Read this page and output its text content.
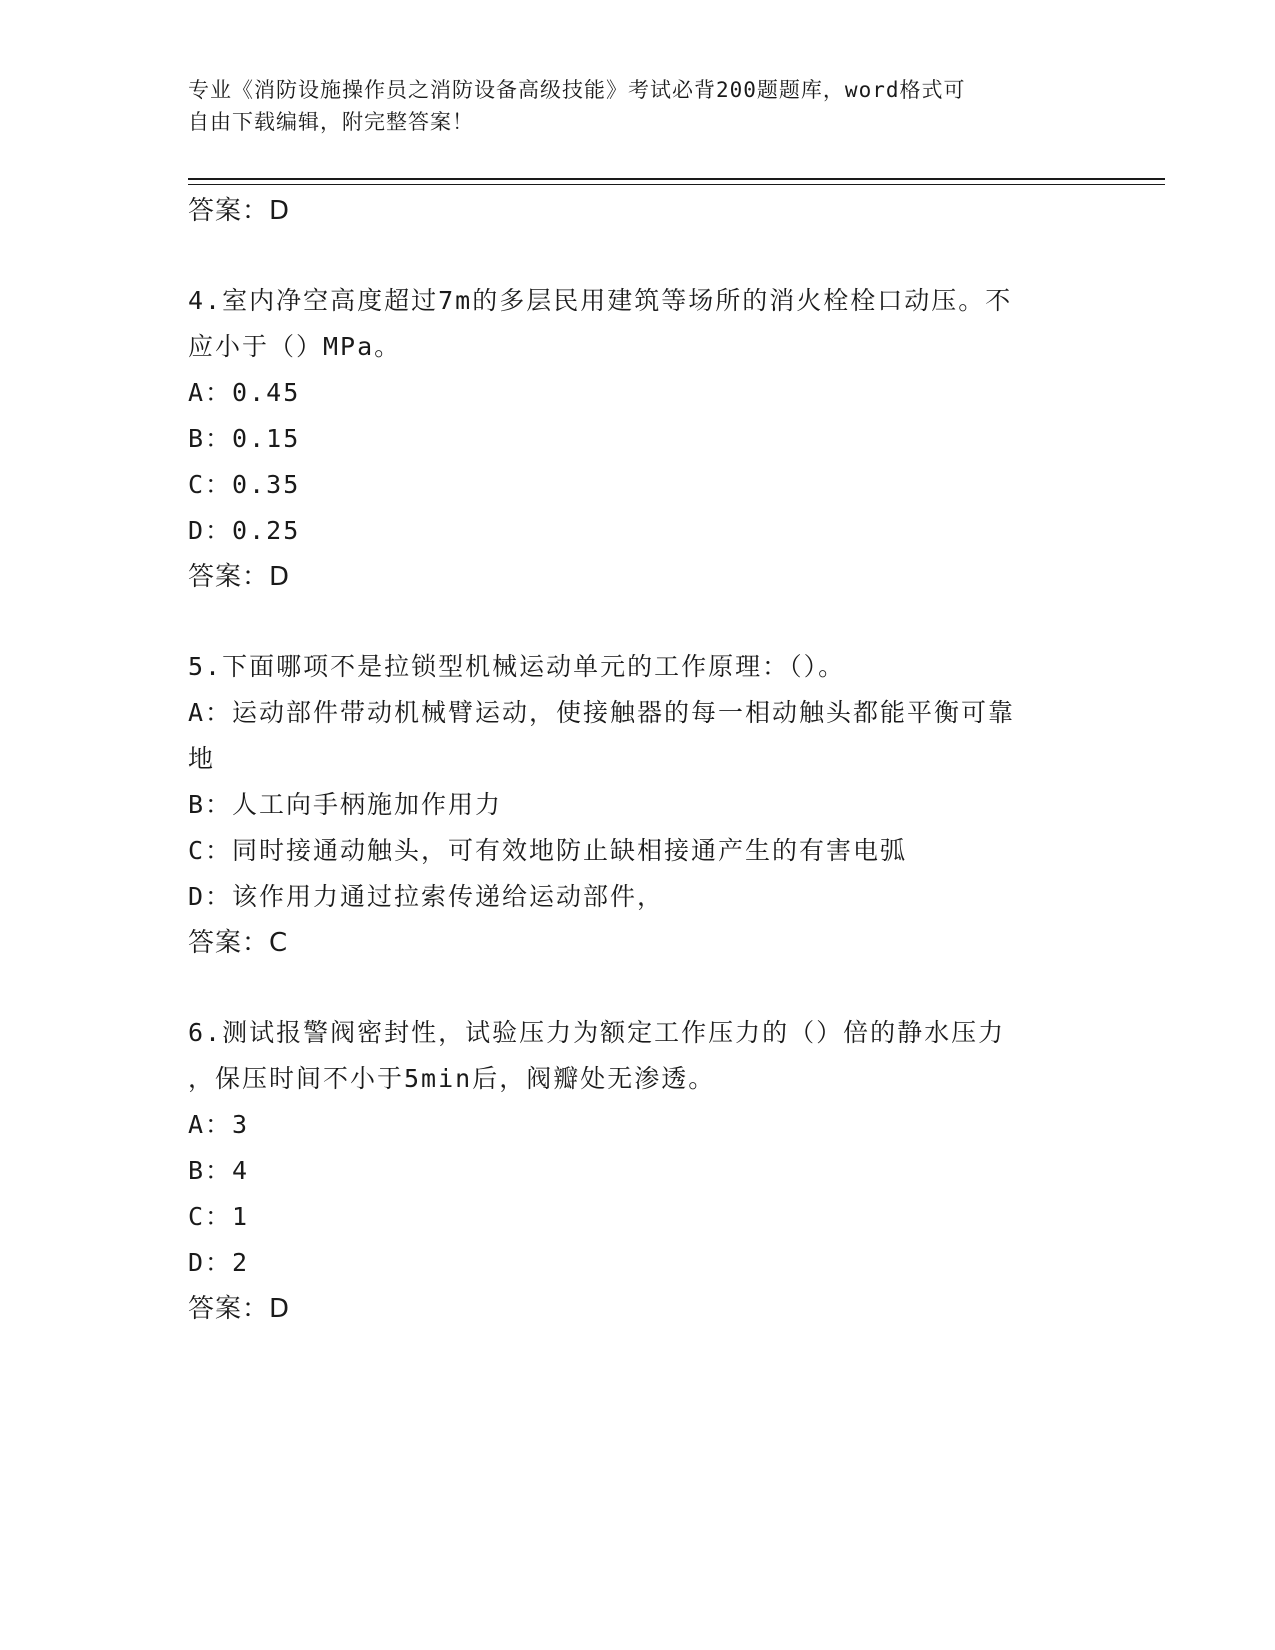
专业《消防设施操作员之消防设备高级技能》考试必背200题题库，word格式可
自由下载编辑，附完整答案！
答案：D
4.室内净空高度超过7m的多层民用建筑等场所的消火栓栓口动压。不
应小于（）MPa。
A：0.45
B：0.15
C：0.35
D：0.25
答案：D
5.下面哪项不是拉锁型机械运动单元的工作原理：（）。
A：运动部件带动机械臂运动，使接触器的每一相动触头都能平衡可靠
地
B：人工向手柄施加作用力
C：同时接通动触头，可有效地防止缺相接通产生的有害电弧
D：该作用力通过拉索传递给运动部件，
答案：C
6.测试报警阀密封性，试验压力为额定工作压力的（）倍的静水压力
，保压时间不小于5min后，阀瓣处无渗透。
A：3
B：4
C：1
D：2
答案：D
